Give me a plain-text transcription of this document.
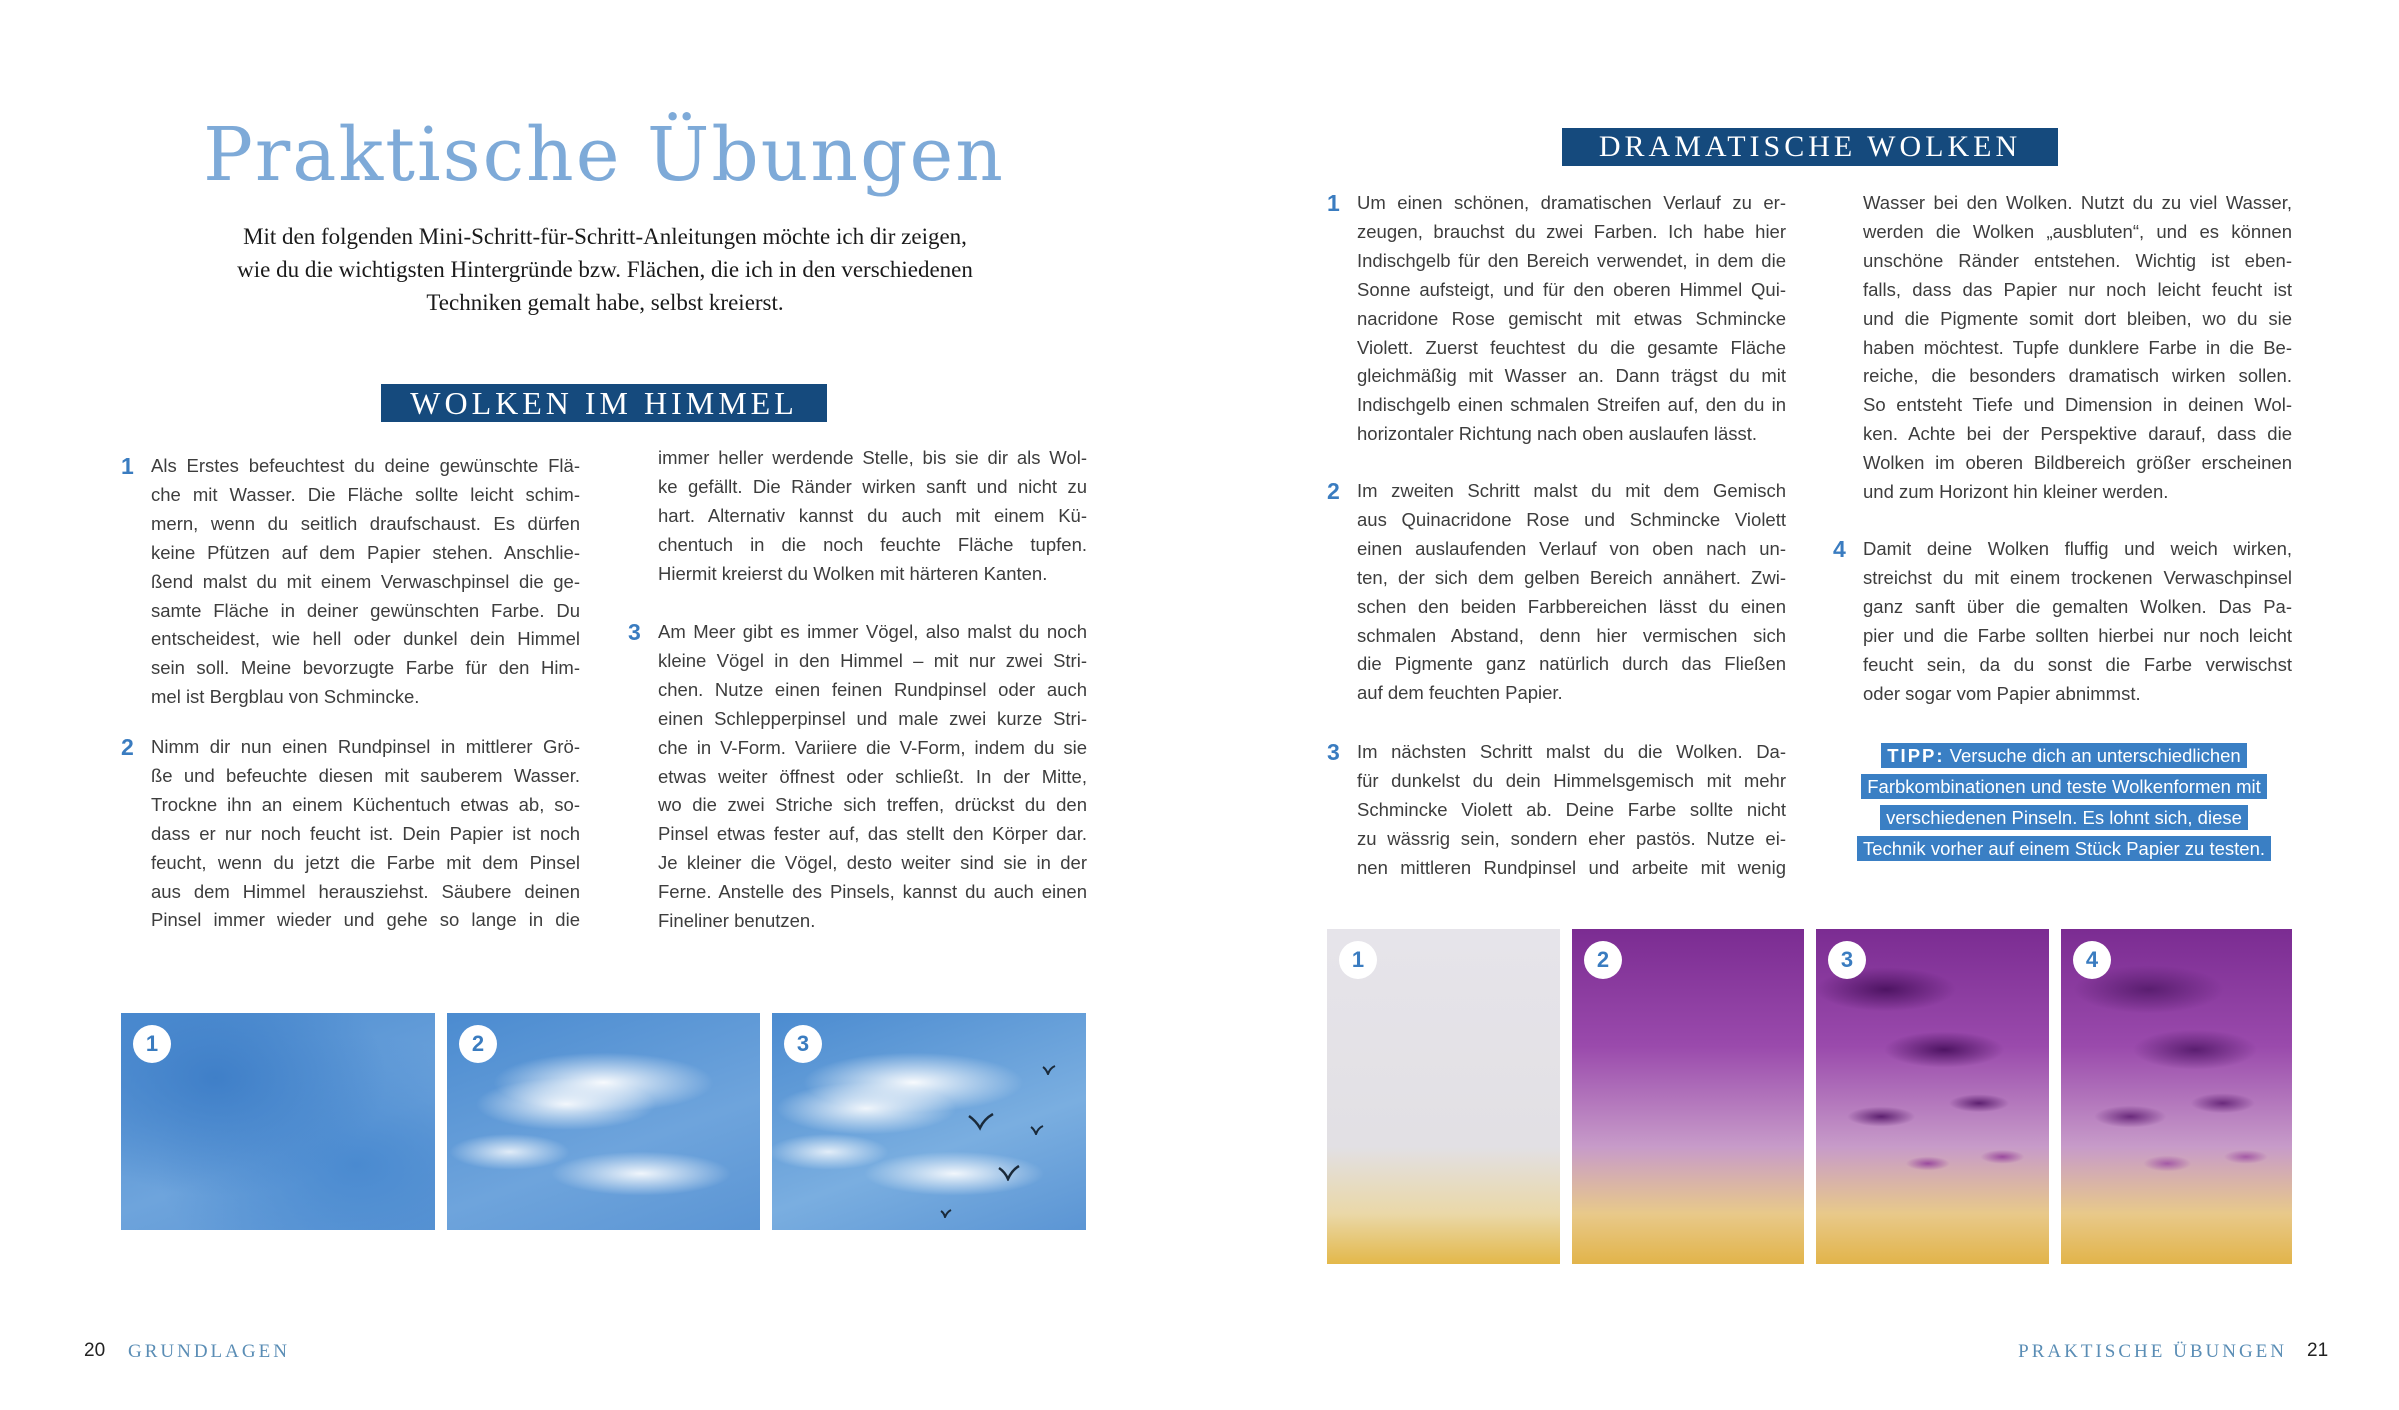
Praktische Übungen
Mit den folgenden Mini-Schritt-für-Schritt-Anleitungen möchte ich dir zeigen,
wie du die wichtigsten Hintergründe bzw. Flächen, die ich in den verschiedenen
Techniken gemalt habe, selbst kreierst.
WOLKEN IM HIMMEL
DRAMATISCHE WOLKEN
1 Als Erstes befeuchtest du deine gewünschte Flä-
che mit Wasser. Die Fläche sollte leicht schim-
mern, wenn du seitlich draufschaust. Es dürfen
keine Pfützen auf dem Papier stehen. Anschlie-
ßend malst du mit einem Verwaschpinsel die ge-
samte Fläche in deiner gewünschten Farbe. Du
entscheidest, wie hell oder dunkel dein Himmel
sein soll. Meine bevorzugte Farbe für den Him-
mel ist Bergblau von Schmincke.
2 Nimm dir nun einen Rundpinsel in mittlerer Grö-
ße und befeuchte diesen mit sauberem Wasser.
Trockne ihn an einem Küchentuch etwas ab, so-
dass er nur noch feucht ist. Dein Papier ist noch
feucht, wenn du jetzt die Farbe mit dem Pinsel
aus dem Himmel herausziehst. Säubere deinen
Pinsel immer wieder und gehe so lange in die
immer heller werdende Stelle, bis sie dir als Wol-
ke gefällt. Die Ränder wirken sanft und nicht zu
hart. Alternativ kannst du auch mit einem Kü-
chentuch in die noch feuchte Fläche tupfen.
Hiermit kreierst du Wolken mit härteren Kanten.
3 Am Meer gibt es immer Vögel, also malst du noch
kleine Vögel in den Himmel – mit nur zwei Stri-
chen. Nutze einen feinen Rundpinsel oder auch
einen Schlepperpinsel und male zwei kurze Stri-
che in V-Form. Variiere die V-Form, indem du sie
etwas weiter öffnest oder schließt. In der Mitte,
wo die zwei Striche sich treffen, drückst du den
Pinsel etwas fester auf, das stellt den Körper dar.
Je kleiner die Vögel, desto weiter sind sie in der
Ferne. Anstelle des Pinsels, kannst du auch einen
Fineliner benutzen.
1 Um einen schönen, dramatischen Verlauf zu er-
zeugen, brauchst du zwei Farben. Ich habe hier
Indischgelb für den Bereich verwendet, in dem die
Sonne aufsteigt, und für den oberen Himmel Qui-
nacridone Rose gemischt mit etwas Schmincke
Violett. Zuerst feuchtest du die gesamte Fläche
gleichmäßig mit Wasser an. Dann trägst du mit
Indischgelb einen schmalen Streifen auf, den du in
horizontaler Richtung nach oben auslaufen lässt.
2 Im zweiten Schritt malst du mit dem Gemisch
aus Quinacridone Rose und Schmincke Violett
einen auslaufenden Verlauf von oben nach un-
ten, der sich dem gelben Bereich annähert. Zwi-
schen den beiden Farbbereichen lässt du einen
schmalen Abstand, denn hier vermischen sich
die Pigmente ganz natürlich durch das Fließen
auf dem feuchten Papier.
3 Im nächsten Schritt malst du die Wolken. Da-
für dunkelst du dein Himmelsgemisch mit mehr
Schmincke Violett ab. Deine Farbe sollte nicht
zu wässrig sein, sondern eher pastös. Nutze ei-
nen mittleren Rundpinsel und arbeite mit wenig
Wasser bei den Wolken. Nutzt du zu viel Wasser,
werden die Wolken „ausbluten“, und es können
unschöne Ränder entstehen. Wichtig ist eben-
falls, dass das Papier nur noch leicht feucht ist
und die Pigmente somit dort bleiben, wo du sie
haben möchtest. Tupfe dunklere Farbe in die Be-
reiche, die besonders dramatisch wirken sollen.
So entsteht Tiefe und Dimension in deinen Wol-
ken. Achte bei der Perspektive darauf, dass die
Wolken im oberen Bildbereich größer erscheinen
und zum Horizont hin kleiner werden.
4 Damit deine Wolken fluffig und weich wirken,
streichst du mit einem trockenen Verwaschpinsel
ganz sanft über die gemalten Wolken. Das Pa-
pier und die Farbe sollten hierbei nur noch leicht
feucht sein, da du sonst die Farbe verwischst
oder sogar vom Papier abnimmst.
1	2	3
1	2	3	4
TIPP: Versuche dich an unterschiedlichen
Farbkombinationen und teste Wolkenformen mit
verschiedenen Pinseln. Es lohnt sich, diese
Technik vorher auf einem Stück Papier zu testen.
20 GRUNDLAGEN	PRAKTISCHE ÜBUNGEN 21
